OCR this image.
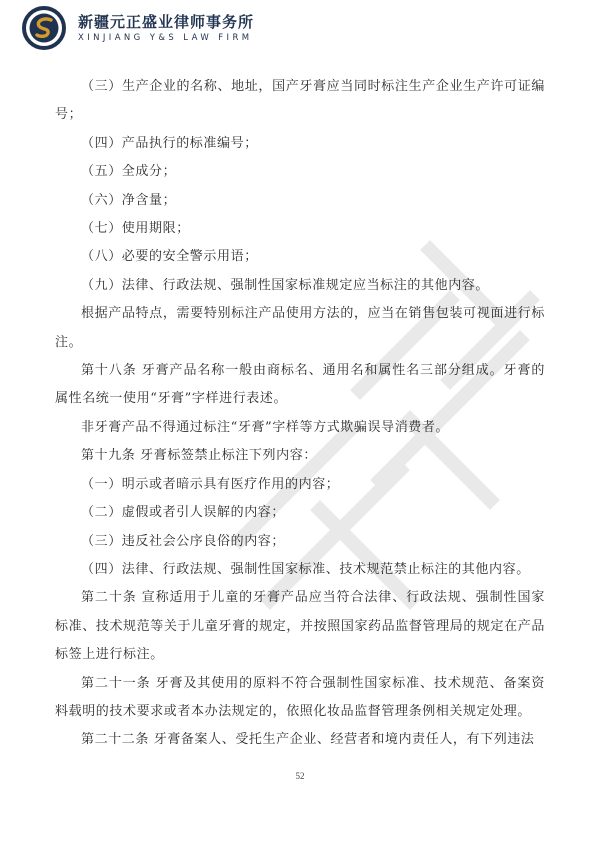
新疆元正盛业律师事务所
XINJIANG Y&S LAW FIRM

（三）生产企业的名称、地址，国产牙膏应当同时标注生产企业生产许可证编号；

（四）产品执行的标准编号；

（五）全成分；

（六）净含量；

（七）使用期限；

（八）必要的安全警示用语；

（九）法律、行政法规、强制性国家标准规定应当标注的其他内容。

根据产品特点，需要特别标注产品使用方法的，应当在销售包装可视面进行标注。

第十八条 牙膏产品名称一般由商标名、通用名和属性名三部分组成。牙膏的属性名统一使用“牙膏”字样进行表述。

非牙膏产品不得通过标注“牙膏”字样等方式欺骗误导消费者。

第十九条 牙膏标签禁止标注下列内容：

（一）明示或者暗示具有医疗作用的内容；

（二）虚假或者引人误解的内容；

（三）违反社会公序良俗的内容；

（四）法律、行政法规、强制性国家标准、技术规范禁止标注的其他内容。

第二十条 宣称适用于儿童的牙膏产品应当符合法律、行政法规、强制性国家标准、技术规范等关于儿童牙膏的规定，并按照国家药品监督管理局的规定在产品标签上进行标注。

第二十一条 牙膏及其使用的原料不符合强制性国家标准、技术规范、备案资料载明的技术要求或者本办法规定的，依照化妆品监督管理条例相关规定处理。

第二十二条 牙膏备案人、受托生产企业、经营者和境内责任人，有下列违法

52
